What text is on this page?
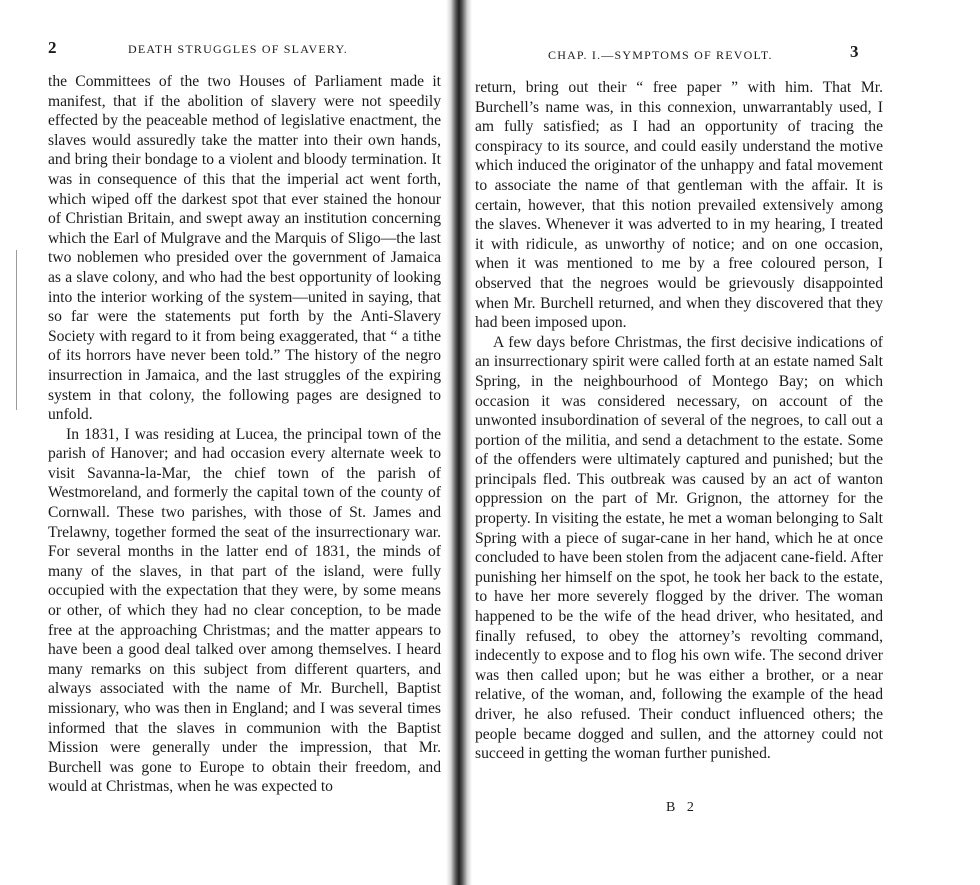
2	DEATH STRUGGLES OF SLAVERY.

the Committees of the two Houses of Parliament made it manifest, that if the abolition of slavery were not speedily effected by the peaceable method of legislative enactment, the slaves would assuredly take the matter into their own hands, and bring their bondage to a violent and bloody termination. It was in consequence of this that the imperial act went forth, which wiped off the darkest spot that ever stained the honour of Christian Britain, and swept away an institution concerning which the Earl of Mulgrave and the Marquis of Sligo—the last two noblemen who presided over the government of Jamaica as a slave colony, and who had the best opportunity of looking into the interior working of the system—united in saying, that so far were the statements put forth by the Anti-Slavery Society with regard to it from being exaggerated, that “ a tithe of its horrors have never been told.” The history of the negro insurrection in Jamaica, and the last struggles of the expiring system in that colony, the following pages are designed to unfold.

In 1831, I was residing at Lucea, the principal town of the parish of Hanover; and had occasion every alternate week to visit Savanna-la-Mar, the chief town of the parish of Westmoreland, and formerly the capital town of the county of Cornwall. These two parishes, with those of St. James and Trelawny, together formed the seat of the insurrectionary war. For several months in the latter end of 1831, the minds of many of the slaves, in that part of the island, were fully occupied with the expectation that they were, by some means or other, of which they had no clear conception, to be made free at the approaching Christmas; and the matter appears to have been a good deal talked over among themselves. I heard many remarks on this subject from different quarters, and always associated with the name of Mr. Burchell, Baptist missionary, who was then in England; and I was several times informed that the slaves in communion with the Baptist Mission were generally under the impression, that Mr. Burchell was gone to Europe to obtain their freedom, and would at Christmas, when he was expected to

CHAP. I.—SYMPTOMS OF REVOLT.	3

return, bring out their “ free paper ” with him. That Mr. Burchell’s name was, in this connexion, unwarrantably used, I am fully satisfied; as I had an opportunity of tracing the conspiracy to its source, and could easily understand the motive which induced the originator of the unhappy and fatal movement to associate the name of that gentleman with the affair. It is certain, however, that this notion prevailed extensively among the slaves. Whenever it was adverted to in my hearing, I treated it with ridicule, as unworthy of notice; and on one occasion, when it was mentioned to me by a free coloured person, I observed that the negroes would be grievously disappointed when Mr. Burchell returned, and when they discovered that they had been imposed upon.

A few days before Christmas, the first decisive indications of an insurrectionary spirit were called forth at an estate named Salt Spring, in the neighbourhood of Montego Bay; on which occasion it was considered necessary, on account of the unwonted insubordination of several of the negroes, to call out a portion of the militia, and send a detachment to the estate. Some of the offenders were ultimately captured and punished; but the principals fled. This outbreak was caused by an act of wanton oppression on the part of Mr. Grignon, the attorney for the property. In visiting the estate, he met a woman belonging to Salt Spring with a piece of sugar-cane in her hand, which he at once concluded to have been stolen from the adjacent cane-field. After punishing her himself on the spot, he took her back to the estate, to have her more severely flogged by the driver. The woman happened to be the wife of the head driver, who hesitated, and finally refused, to obey the attorney’s revolting command, indecently to expose and to flog his own wife. The second driver was then called upon; but he was either a brother, or a near relative, of the woman, and, following the example of the head driver, he also refused. Their conduct influenced others; the people became dogged and sullen, and the attorney could not succeed in getting the woman further punished.

B 2
